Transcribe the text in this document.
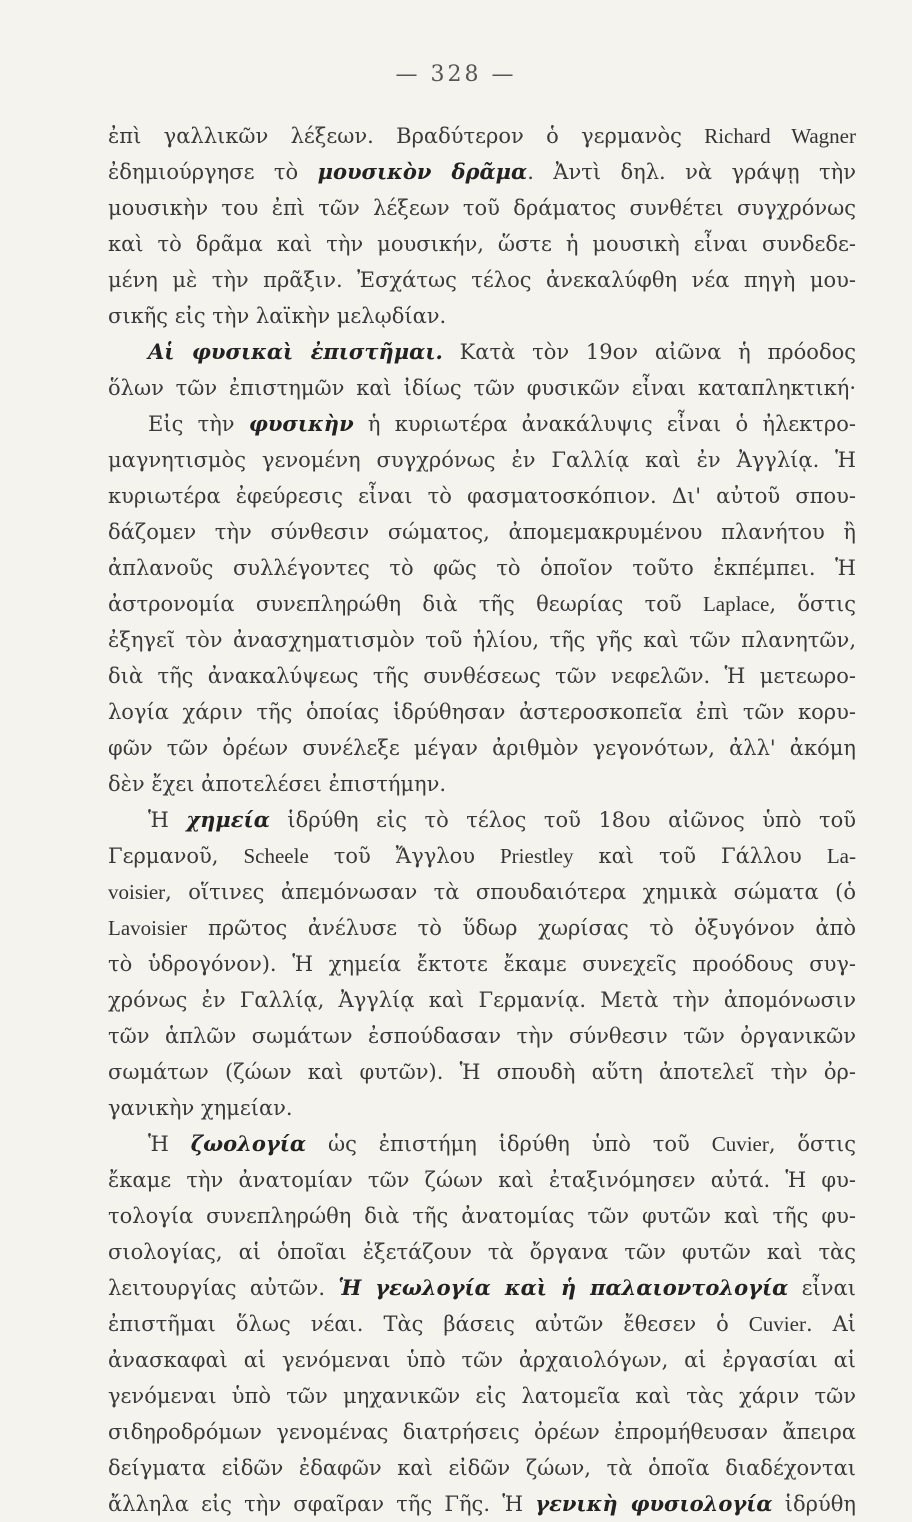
— 328 —
ἐπὶ γαλλικῶν λέξεων. Βραδύτερον ὁ γερμανὸς Richard Wagner
ἐδημιούργησε τὸ μουσικὸν δρᾶμα. Ἀντὶ δηλ. νὰ γράψῃ τὴν
μουσικὴν του ἐπὶ τῶν λέξεων τοῦ δράματος συνθέτει συγχρόνως
καὶ τὸ δρᾶμα καὶ τὴν μουσικήν, ὥστε ἡ μουσικὴ εἶναι συνδεδε-
μένη μὲ τὴν πρᾶξιν. Ἐσχάτως τέλος ἀνεκαλύφθη νέα πηγὴ μου-
σικῆς εἰς τὴν λαϊκὴν μελῳδίαν.
Αἱ φυσικαὶ ἐπιστῆμαι. Κατὰ τὸν 19ον αἰῶνα ἡ πρόοδος
ὅλων τῶν ἐπιστημῶν καὶ ἰδίως τῶν φυσικῶν εἶναι καταπληκτική·
Εἰς τὴν φυσικὴν ἡ κυριωτέρα ἀνακάλυψις εἶναι ὁ ἠλεκτρο-
μαγνητισμὸς γενομένη συγχρόνως ἐν Γαλλίᾳ καὶ ἐν Ἀγγλίᾳ. Ἡ
κυριωτέρα ἐφεύρεσις εἶναι τὸ φασματοσκόπιον. Δι' αὐτοῦ σπου-
δάζομεν τὴν σύνθεσιν σώματος, ἀπομεμακρυμένου πλανήτου ἢ
ἀπλανοῦς συλλέγοντες τὸ φῶς τὸ ὁποῖον τοῦτο ἐκπέμπει. Ἡ
ἀστρονομία συνεπληρώθη διὰ τῆς θεωρίας τοῦ Laplace, ὅστις
ἐξηγεῖ τὸν ἀνασχηματισμὸν τοῦ ἡλίου, τῆς γῆς καὶ τῶν πλανητῶν,
διὰ τῆς ἀνακαλύψεως τῆς συνθέσεως τῶν νεφελῶν. Ἡ μετεωρο-
λογία χάριν τῆς ὁποίας ἱδρύθησαν ἀστεροσκοπεῖα ἐπὶ τῶν κορυ-
φῶν τῶν ὀρέων συνέλεξε μέγαν ἀριθμὸν γεγονότων, ἀλλ' ἀκόμη
δὲν ἔχει ἀποτελέσει ἐπιστήμην.
Ἡ χημεία ἱδρύθη εἰς τὸ τέλος τοῦ 18ου αἰῶνος ὑπὸ τοῦ
Γερμανοῦ, Scheele τοῦ Ἄγγλου Priestley καὶ τοῦ Γάλλου La-
voisier, οἵτινες ἀπεμόνωσαν τὰ σπουδαιότερα χημικὰ σώματα (ὁ
Lavoisier πρῶτος ἀνέλυσε τὸ ὕδωρ χωρίσας τὸ ὀξυγόνον ἀπὸ
τὸ ὑδρογόνον). Ἡ χημεία ἔκτοτε ἔκαμε συνεχεῖς προόδους συγ-
χρόνως ἐν Γαλλίᾳ, Ἀγγλίᾳ καὶ Γερμανίᾳ. Μετὰ τὴν ἀπομόνωσιν
τῶν ἁπλῶν σωμάτων ἐσπούδασαν τὴν σύνθεσιν τῶν ὀργανικῶν
σωμάτων (ζώων καὶ φυτῶν). Ἡ σπουδὴ αὕτη ἀποτελεῖ τὴν ὀρ-
γανικὴν χημείαν.
Ἡ ζωολογία ὡς ἐπιστήμη ἱδρύθη ὑπὸ τοῦ Cuvier, ὅστις
ἔκαμε τὴν ἀνατομίαν τῶν ζώων καὶ ἐταξινόμησεν αὐτά. Ἡ φυ-
τολογία συνεπληρώθη διὰ τῆς ἀνατομίας τῶν φυτῶν καὶ τῆς φυ-
σιολογίας, αἱ ὁποῖαι ἐξετάζουν τὰ ὄργανα τῶν φυτῶν καὶ τὰς
λειτουργίας αὐτῶν. Ἡ γεωλογία καὶ ἡ παλαιοντολογία εἶναι
ἐπιστῆμαι ὅλως νέαι. Τὰς βάσεις αὐτῶν ἔθεσεν ὁ Cuvier. Αἱ
ἀνασκαφαὶ αἱ γενόμεναι ὑπὸ τῶν ἀρχαιολόγων, αἱ ἐργασίαι αἱ
γενόμεναι ὑπὸ τῶν μηχανικῶν εἰς λατομεῖα καὶ τὰς χάριν τῶν
σιδηροδρόμων γενομένας διατρήσεις ὀρέων ἐπρομήθευσαν ἄπειρα
δείγματα εἰδῶν ἐδαφῶν καὶ εἰδῶν ζώων, τὰ ὁποῖα διαδέχονται
ἄλληλα εἰς τὴν σφαῖραν τῆς Γῆς. Ἡ γενικὴ φυσιολογία ἱδρύθη
